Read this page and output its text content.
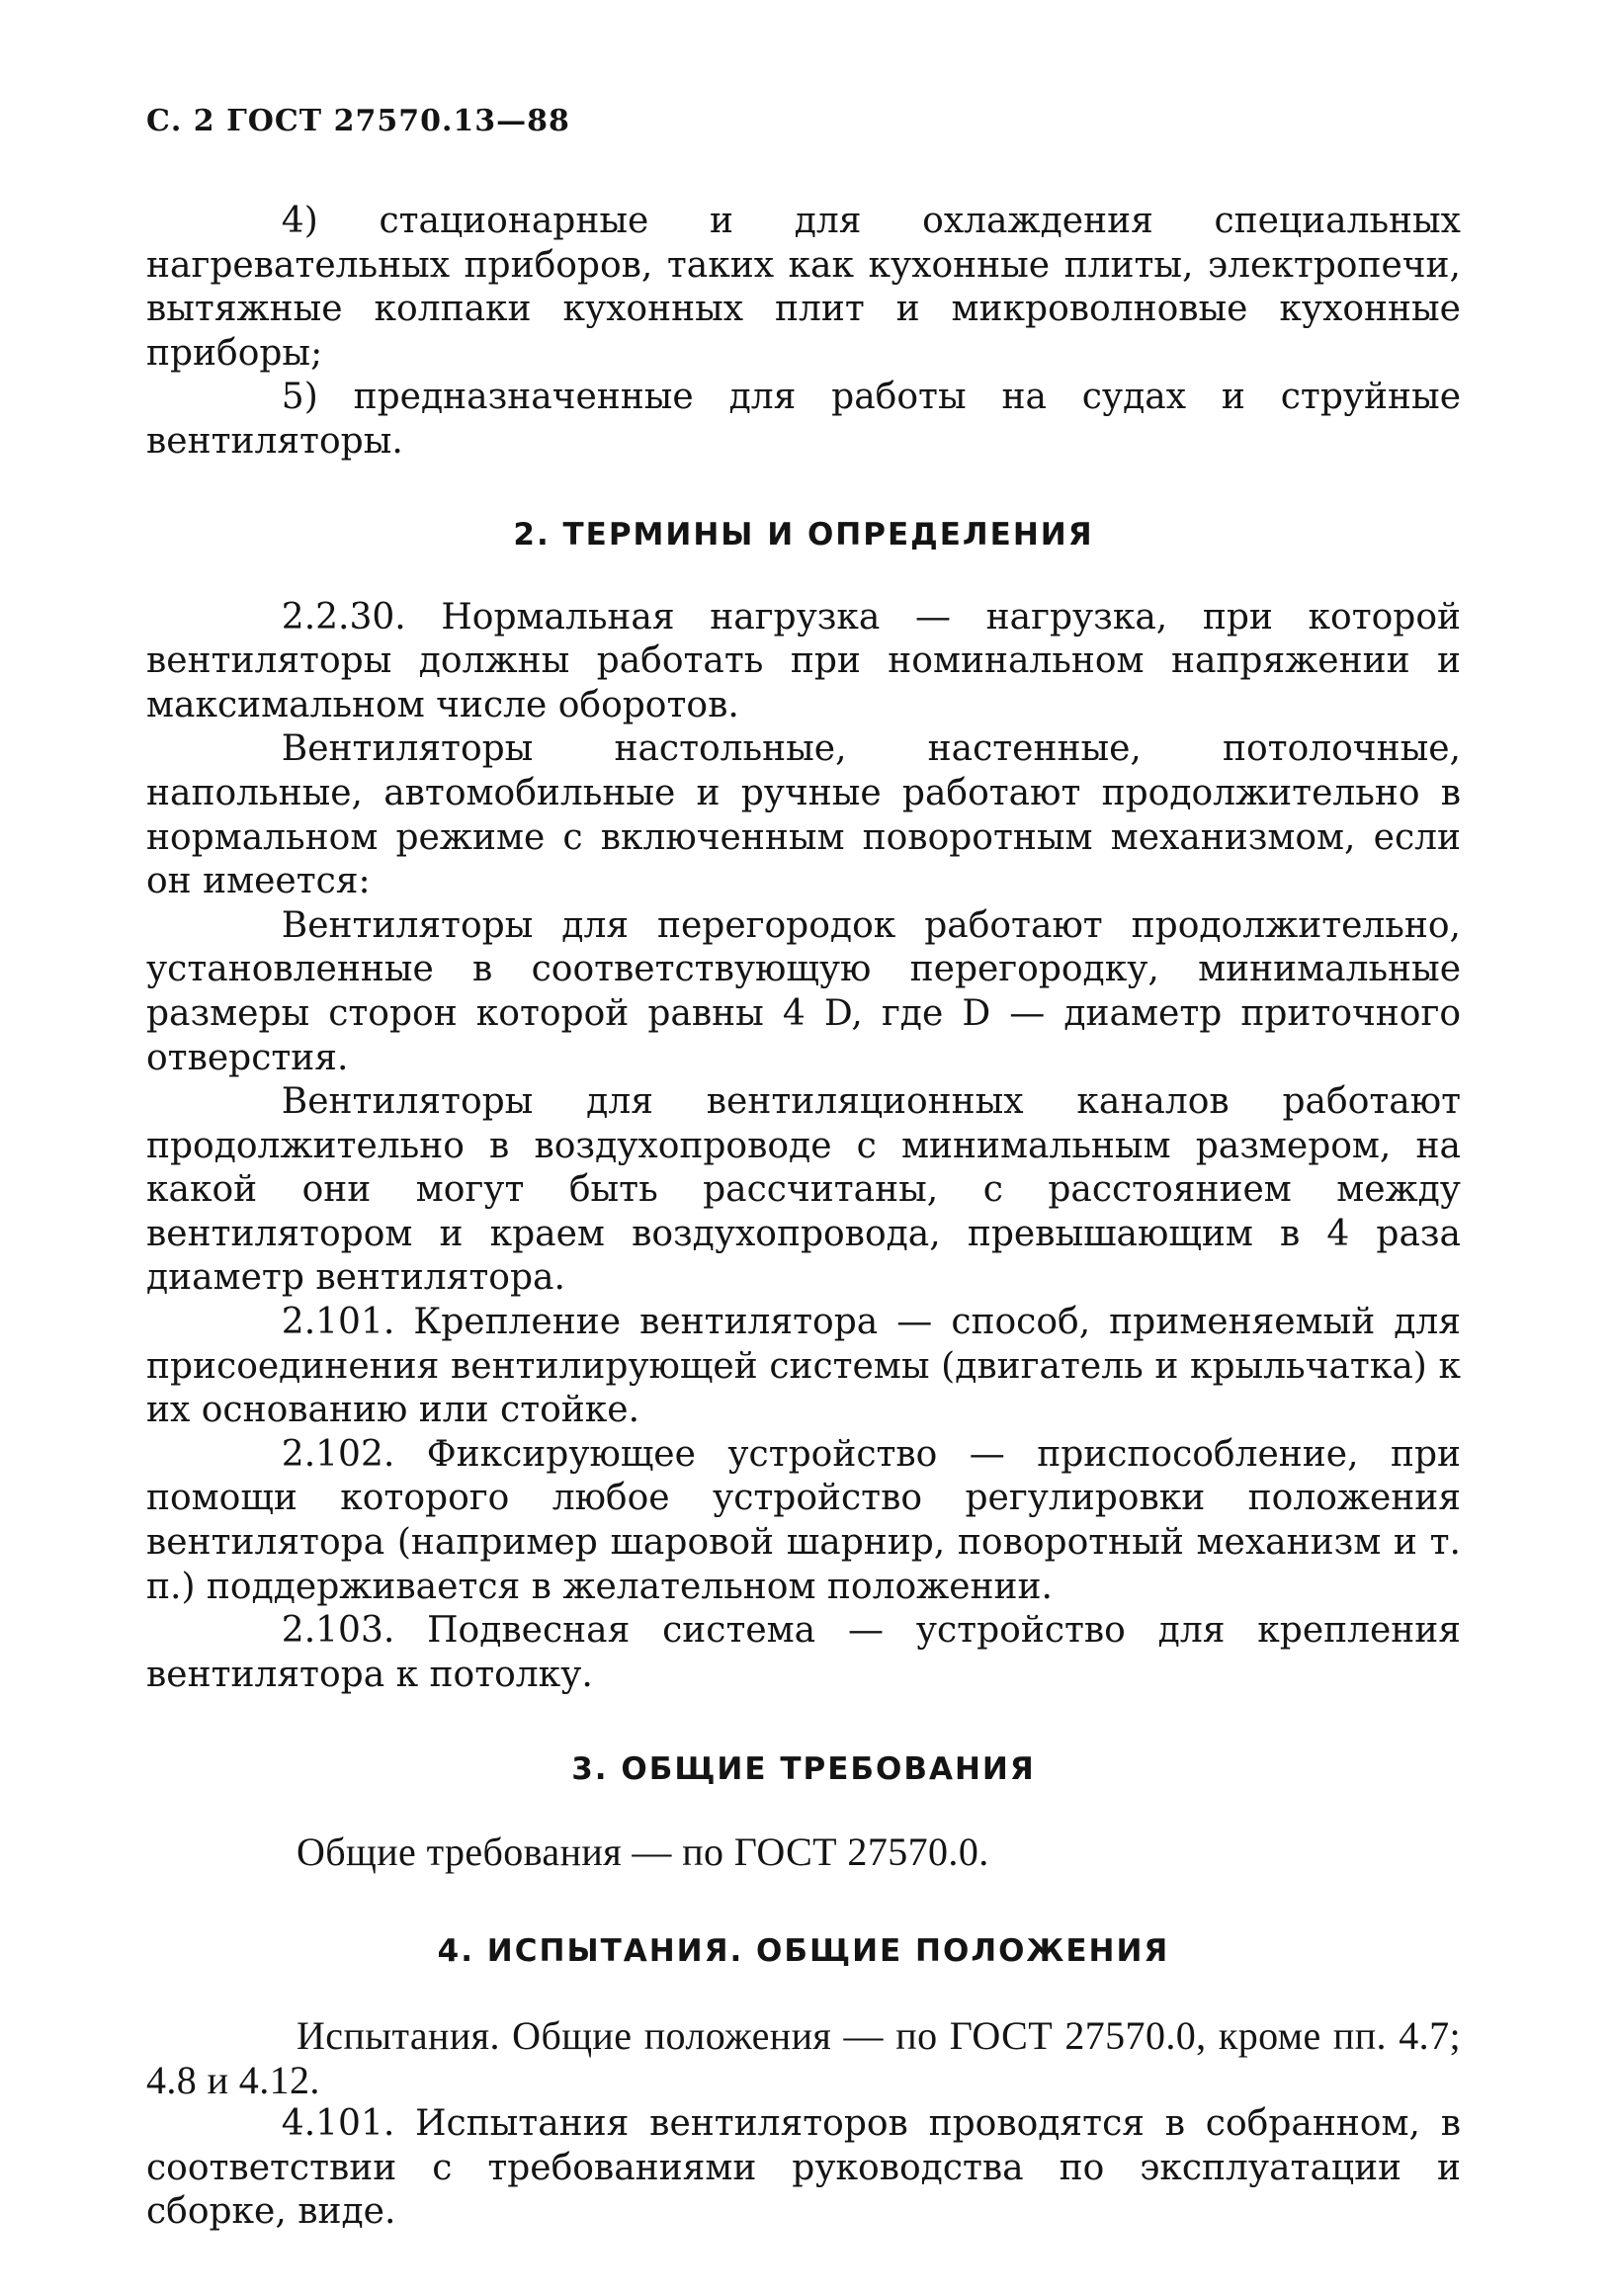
С. 2 ГОСТ 27570.13—88

4) стационарные и для охлаждения специальных нагревательных приборов, таких как кухонные плиты, электропечи, вытяжные колпаки кухонных плит и микроволновые кухонные приборы;

5) предназначенные для работы на судах и струйные вентиляторы.

2. ТЕРМИНЫ И ОПРЕДЕЛЕНИЯ

2.2.30. Нормальная нагрузка — нагрузка, при которой вентиляторы должны работать при номинальном напряжении и максимальном числе оборотов.

Вентиляторы настольные, настенные, потолочные, напольные, автомобильные и ручные работают продолжительно в нормальном режиме с включенным поворотным механизмом, если он имеется:

Вентиляторы для перегородок работают продолжительно, установленные в соответствующую перегородку, минимальные размеры сторон которой равны 4 D, где D — диаметр приточного отверстия.

Вентиляторы для вентиляционных каналов работают продолжительно в воздухопроводе с минимальным размером, на какой они могут быть рассчитаны, с расстоянием между вентилятором и краем воздухопровода, превышающим в 4 раза диаметр вентилятора.

2.101. Крепление вентилятора — способ, применяемый для присоединения вентилирующей системы (двигатель и крыльчатка) к их основанию или стойке.

2.102. Фиксирующее устройство — приспособление, при помощи которого любое устройство регулировки положения вентилятора (например шаровой шарнир, поворотный механизм и т. п.) поддерживается в желательном положении.

2.103. Подвесная система — устройство для крепления вентилятора к потолку.

3. ОБЩИЕ ТРЕБОВАНИЯ

Общие требования — по ГОСТ 27570.0.

4. ИСПЫТАНИЯ. ОБЩИЕ ПОЛОЖЕНИЯ

Испытания. Общие положения — по ГОСТ 27570.0, кроме пп. 4.7; 4.8 и 4.12.

4.101. Испытания вентиляторов проводятся в собранном, в соответствии с требованиями руководства по эксплуатации и сборке, виде.
